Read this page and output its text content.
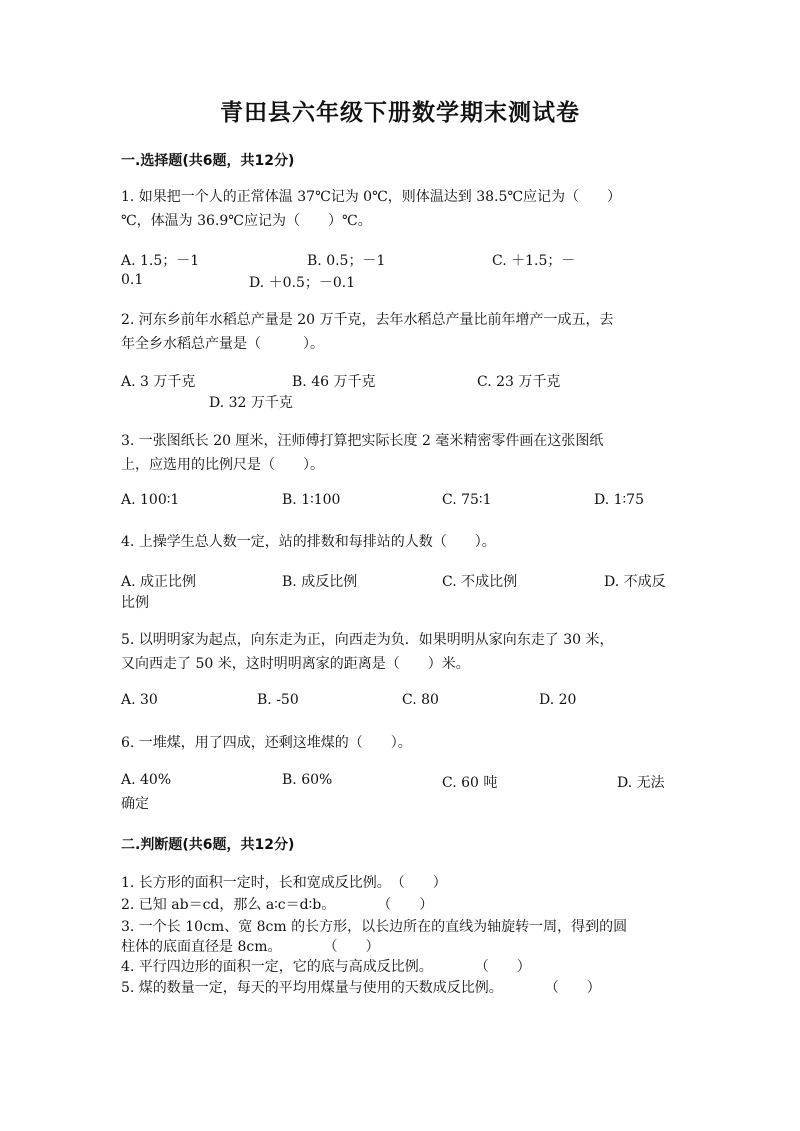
青田县六年级下册数学期末测试卷
一.选择题(共6题，共12分)
1. 如果把一个人的正常体温 37℃记为 0℃，则体温达到 38.5℃应记为（　　）
℃，体温为 36.9℃应记为（　　）℃。
A. 1.5；－1	B. 0.5；－1	C. ＋1.5；－
0.1	D. ＋0.5；－0.1
2. 河东乡前年水稻总产量是 20 万千克，去年水稻总产量比前年增产一成五，去
年全乡水稻总产量是（　　　）。
A. 3 万千克	B. 46 万千克	C. 23 万千克
D. 32 万千克
3. 一张图纸长 20 厘米，汪师傅打算把实际长度 2 毫米精密零件画在这张图纸
上，应选用的比例尺是（　　）。
A. 100∶1	B. 1∶100	C. 75∶1	D. 1∶75
4. 上操学生总人数一定，站的排数和每排站的人数（　　）。
A. 成正比例	B. 成反比例	C. 不成比例	D. 不成反
比例
5. 以明明家为起点，向东走为正，向西走为负．如果明明从家向东走了 30 米，
又向西走了 50 米，这时明明离家的距离是（　　）米。
A. 30	B. -50	C. 80	D. 20
6. 一堆煤，用了四成，还剩这堆煤的（　　）。
A. 40%	B. 60%	C. 60 吨	D. 无法
确定
二.判断题(共6题，共12分)
1. 长方形的面积一定时，长和宽成反比例。　（　　）
2. 已知 ab＝cd，那么 a∶c＝d∶b。　　　　（　　）
3. 一个长 10cm、宽 8cm 的长方形，以长边所在的直线为轴旋转一周，得到的圆
柱体的底面直径是 8cm。　　　　（　　）
4. 平行四边形的面积一定，它的底与高成反比例。　　　　（　　）
5. 煤的数量一定，每天的平均用煤量与使用的天数成反比例。　　　　（　　）
